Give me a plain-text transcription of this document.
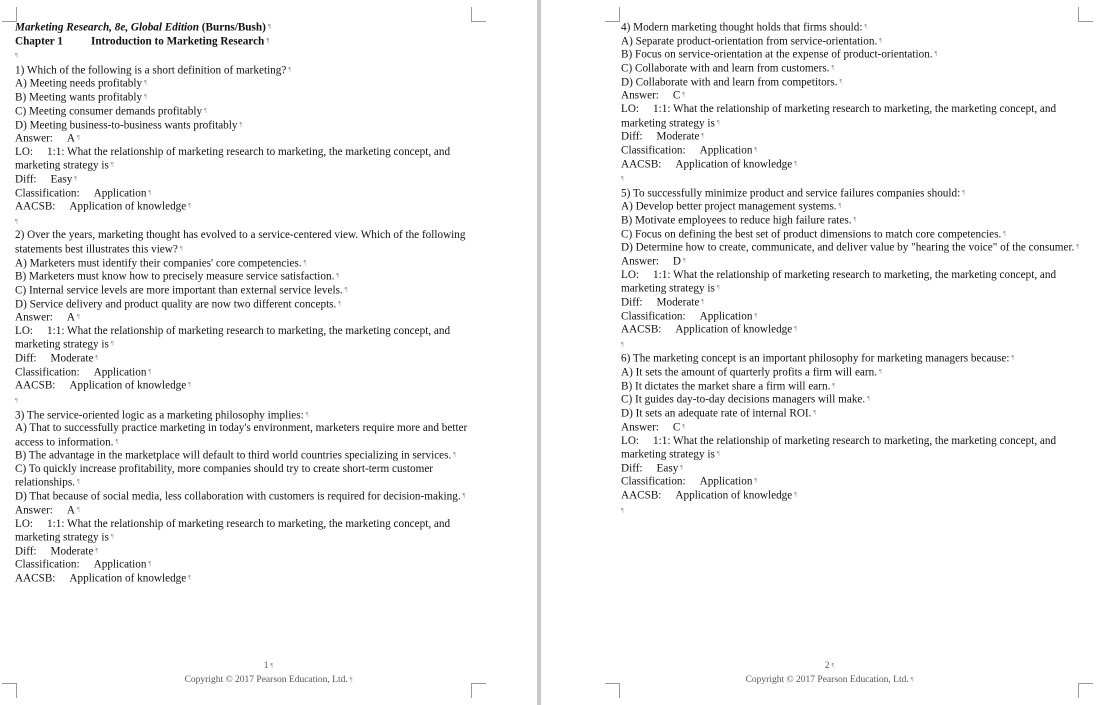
Marketing Research, 8e, Global Edition (Burns/Bush) ¶
Chapter 1	Introduction to Marketing Research ¶
¶
1) Which of the following is a short definition of marketing? ¶
A) Meeting needs profitably ¶
B) Meeting wants profitably ¶
C) Meeting consumer demands profitably ¶
D) Meeting business-to-business wants profitably ¶
Answer: A ¶
LO: 1:1: What the relationship of marketing research to marketing, the marketing concept, and marketing strategy is ¶
Diff: Easy ¶
Classification: Application ¶
AACSB: Application of knowledge ¶
¶
2) Over the years, marketing thought has evolved to a service-centered view. Which of the following statements best illustrates this view? ¶
A) Marketers must identify their companies' core competencies. ¶
B) Marketers must know how to precisely measure service satisfaction. ¶
C) Internal service levels are more important than external service levels. ¶
D) Service delivery and product quality are now two different concepts. ¶
Answer: A ¶
LO: 1:1: What the relationship of marketing research to marketing, the marketing concept, and marketing strategy is ¶
Diff: Moderate ¶
Classification: Application ¶
AACSB: Application of knowledge ¶
¶
3) The service-oriented logic as a marketing philosophy implies: ¶
A) That to successfully practice marketing in today's environment, marketers require more and better access to information. ¶
B) The advantage in the marketplace will default to third world countries specializing in services. ¶
C) To quickly increase profitability, more companies should try to create short-term customer relationships. ¶
D) That because of social media, less collaboration with customers is required for decision-making. ¶
Answer: A ¶
LO: 1:1: What the relationship of marketing research to marketing, the marketing concept, and marketing strategy is ¶
Diff: Moderate ¶
Classification: Application ¶
AACSB: Application of knowledge ¶
1 ¶
Copyright © 2017 Pearson Education, Ltd. ¶
4) Modern marketing thought holds that firms should: ¶
A) Separate product-orientation from service-orientation. ¶
B) Focus on service-orientation at the expense of product-orientation. ¶
C) Collaborate with and learn from customers. ¶
D) Collaborate with and learn from competitors. ¶
Answer: C ¶
LO: 1:1: What the relationship of marketing research to marketing, the marketing concept, and marketing strategy is ¶
Diff: Moderate ¶
Classification: Application ¶
AACSB: Application of knowledge ¶
¶
5) To successfully minimize product and service failures companies should: ¶
A) Develop better project management systems. ¶
B) Motivate employees to reduce high failure rates. ¶
C) Focus on defining the best set of product dimensions to match core competencies. ¶
D) Determine how to create, communicate, and deliver value by "hearing the voice" of the consumer. ¶
Answer: D ¶
LO: 1:1: What the relationship of marketing research to marketing, the marketing concept, and marketing strategy is ¶
Diff: Moderate ¶
Classification: Application ¶
AACSB: Application of knowledge ¶
¶
6) The marketing concept is an important philosophy for marketing managers because: ¶
A) It sets the amount of quarterly profits a firm will earn. ¶
B) It dictates the market share a firm will earn. ¶
C) It guides day-to-day decisions managers will make. ¶
D) It sets an adequate rate of internal ROI. ¶
Answer: C ¶
LO: 1:1: What the relationship of marketing research to marketing, the marketing concept, and marketing strategy is ¶
Diff: Easy ¶
Classification: Application ¶
AACSB: Application of knowledge ¶
¶
2 ¶
Copyright © 2017 Pearson Education, Ltd. ¶
